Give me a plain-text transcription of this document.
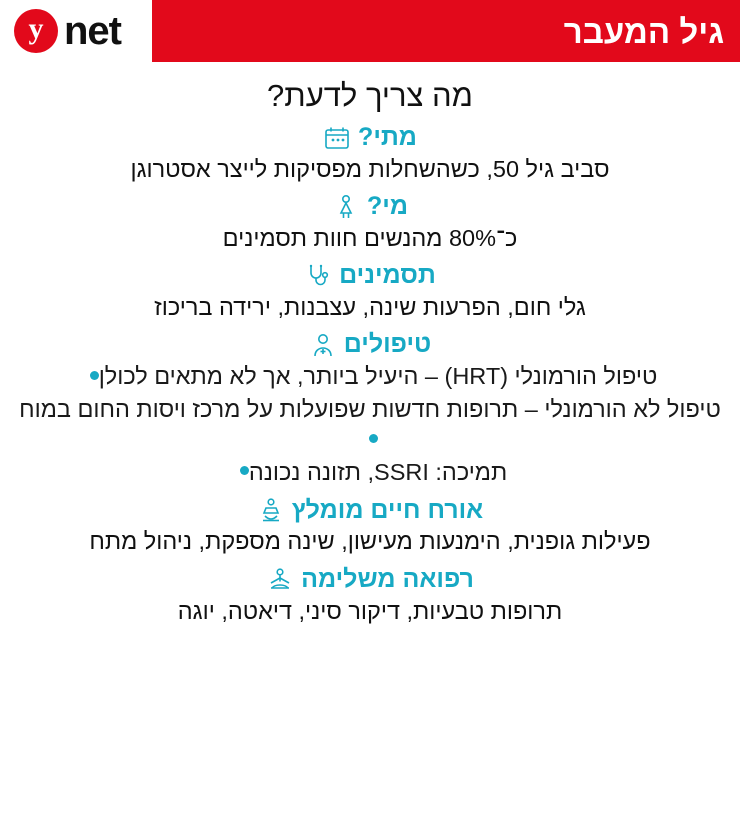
y net	גיל המעבר
מה צריך לדעת?
מתי?
סביב גיל 50, כשהשחלות מפסיקות לייצר אסטרוגן
מי?
כ־80% מהנשים חוות תסמינים
תסמינים
גלי חום, הפרעות שינה, עצבנות, ירידה בריכוז
טיפולים
טיפול הורמונלי (HRT) – היעיל ביותר, אך לא מתאים לכולן
טיפול לא הורמונלי – תרופות חדשות שפועלות על מרכז ויסות החום במוח
תמיכה: SSRI, תזונה נכונה
אורח חיים מומלץ
פעילות גופנית, הימנעות מעישון, שינה מספקת, ניהול מתח
רפואה משלימה
תרופות טבעיות, דיקור סיני, דיאטה, יוגה
